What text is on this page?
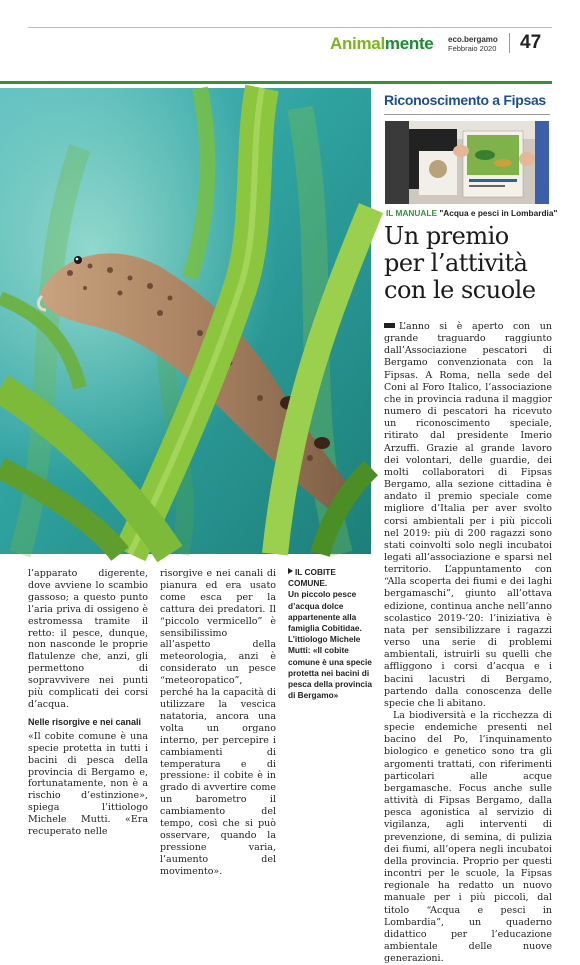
Animalmente eco.bergamo
Febbraio 2020 47

l’apparato digerente, dove avviene lo scambio gassoso; a questo punto l’aria priva di ossigeno è estromessa tramite il retto: il pesce, dunque, non nasconde le proprie flatulenze che, anzi, gli permettono di sopravvivere nei punti più complicati dei corsi d’acqua.

Nelle risorgive e nei canali

«Il cobite comune è una specie protetta in tutti i bacini di pesca della provincia di Bergamo e, fortunatamente, non è a rischio d’estinzione», spiega l’ittiologo Michele Mutti. «Era recuperato nelle

risorgive e nei canali di pianura ed era usato come esca per la cattura dei predatori. Il “piccolo vermicello” è sensibilissimo all’aspetto della meteorologia, anzi è considerato un pesce “meteoropatico”, perché ha la capacità di utilizzare la vescica natatoria, ancora una volta un organo interno, per percepire i cambiamenti di temperatura e di pressione: il cobite è in grado di avvertire come un barometro il cambiamento del tempo, così che si può osservare, quando la pressione varia, l’aumento del movimento».

IL COBITE COMUNE.
Un piccolo pesce d’acqua dolce appartenente alla famiglia Cobitidae. L’ittiologo Michele Mutti: «Il cobite comune è una specie protetta nei bacini di pesca della provincia di Bergamo»
Riconoscimento a Fipsas
IL MANUALE "Acqua e pesci in Lombardia"
Un premio per l’attività con le scuole

L’anno si è aperto con un grande traguardo raggiunto dall’Associazione pescatori di Bergamo convenzionata con la Fipsas. A Roma, nella sede del Coni al Foro Italico, l’associazione che in provincia raduna il maggior numero di pescatori ha ricevuto un riconoscimento speciale, ritirato dal presidente Imerio Arzuffi. Grazie al grande lavoro dei volontari, delle guardie, dei molti collaboratori di Fipsas Bergamo, alla sezione cittadina è andato il premio speciale come migliore d’Italia per aver svolto corsi ambientali per i più piccoli nel 2019: più di 200 ragazzi sono stati coinvolti solo negli incubatoi legati all’associazione e sparsi nel territorio. L’appuntamento con “Alla scoperta dei fiumi e dei laghi bergamaschi”, giunto all’ottava edizione, continua anche nell’anno scolastico 2019-’20: l’iniziativa è nata per sensibilizzare i ragazzi verso una serie di problemi ambientali, istruirli su quelli che affliggono i corsi d’acqua e i bacini lacustri di Bergamo, partendo dalla conoscenza delle specie che li abitano.

La biodiversità e la ricchezza di specie endemiche presenti nel bacino del Po, l’inquinamento biologico e genetico sono tra gli argomenti trattati, con riferimenti particolari alle acque bergamasche. Focus anche sulle attività di Fipsas Bergamo, dalla pesca agonistica al servizio di vigilanza, agli interventi di prevenzione, di semina, di pulizia dei fiumi, all’opera negli incubatoi della provincia. Proprio per questi incontri per le scuole, la Fipsas regionale ha redatto un nuovo manuale per i più piccoli, dal titolo “Acqua e pesci in Lombardia”, un quaderno didattico per l’educazione ambientale delle nuove generazioni.
